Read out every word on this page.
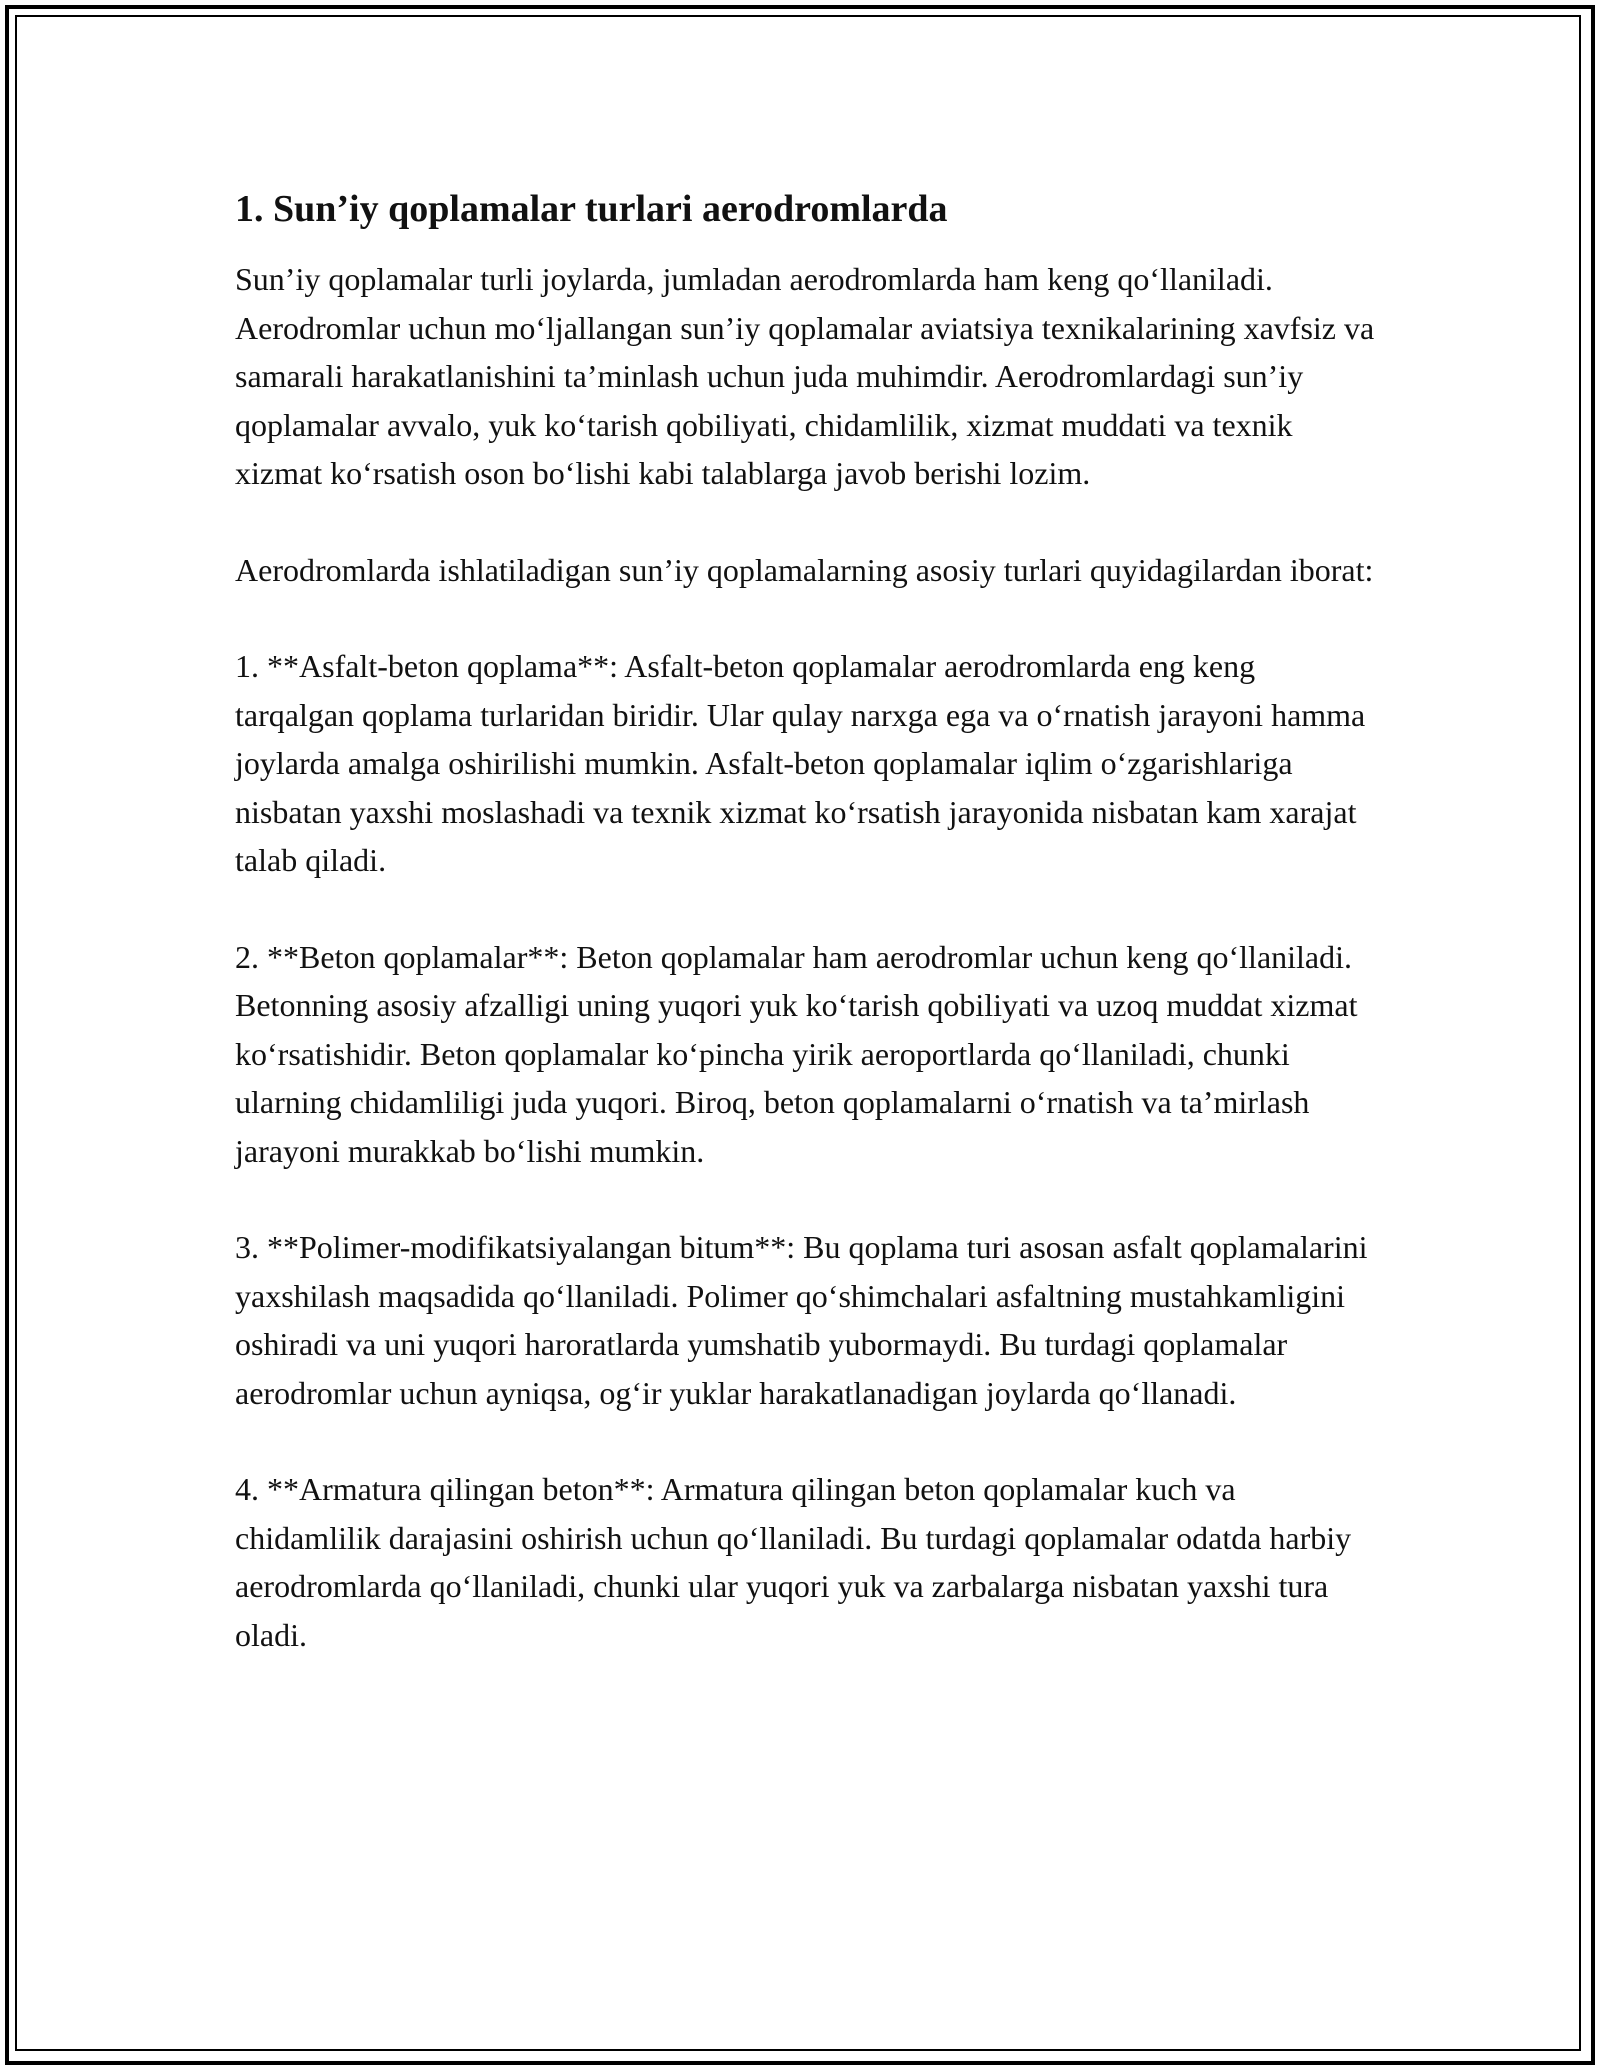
1. Sun’iy qoplamalar turlari aerodromlarda

Sun’iy qoplamalar turli joylarda, jumladan aerodromlarda ham keng qo‘llaniladi. Aerodromlar uchun mo‘ljallangan sun’iy qoplamalar aviatsiya texnikalarining xavfsiz va samarali harakatlanishini ta’minlash uchun juda muhimdir. Aerodromlardagi sun’iy qoplamalar avvalo, yuk ko‘tarish qobiliyati, chidamlilik, xizmat muddati va texnik xizmat ko‘rsatish oson bo‘lishi kabi talablarga javob berishi lozim.

Aerodromlarda ishlatiladigan sun’iy qoplamalarning asosiy turlari quyidagilardan iborat:

1. **Asfalt-beton qoplama**: Asfalt-beton qoplamalar aerodromlarda eng keng tarqalgan qoplama turlaridan biridir. Ular qulay narxga ega va o‘rnatish jarayoni hamma joylarda amalga oshirilishi mumkin. Asfalt-beton qoplamalar iqlim o‘zgarishlariga nisbatan yaxshi moslashadi va texnik xizmat ko‘rsatish jarayonida nisbatan kam xarajat talab qiladi.

2. **Beton qoplamalar**: Beton qoplamalar ham aerodromlar uchun keng qo‘llaniladi. Betonning asosiy afzalligi uning yuqori yuk ko‘tarish qobiliyati va uzoq muddat xizmat ko‘rsatishidir. Beton qoplamalar ko‘pincha yirik aeroportlarda qo‘llaniladi, chunki ularning chidamliligi juda yuqori. Biroq, beton qoplamalarni o‘rnatish va ta’mirlash jarayoni murakkab bo‘lishi mumkin.

3. **Polimer-modifikatsiyalangan bitum**: Bu qoplama turi asosan asfalt qoplamalarini yaxshilash maqsadida qo‘llaniladi. Polimer qo‘shimchalari asfaltning mustahkamligini oshiradi va uni yuqori haroratlarda yumshatib yubormaydi. Bu turdagi qoplamalar aerodromlar uchun ayniqsa, og‘ir yuklar harakatlanadigan joylarda qo‘llanadi.

4. **Armatura qilingan beton**: Armatura qilingan beton qoplamalar kuch va chidamlilik darajasini oshirish uchun qo‘llaniladi. Bu turdagi qoplamalar odatda harbiy aerodromlarda qo‘llaniladi, chunki ular yuqori yuk va zarbalarga nisbatan yaxshi tura oladi.
